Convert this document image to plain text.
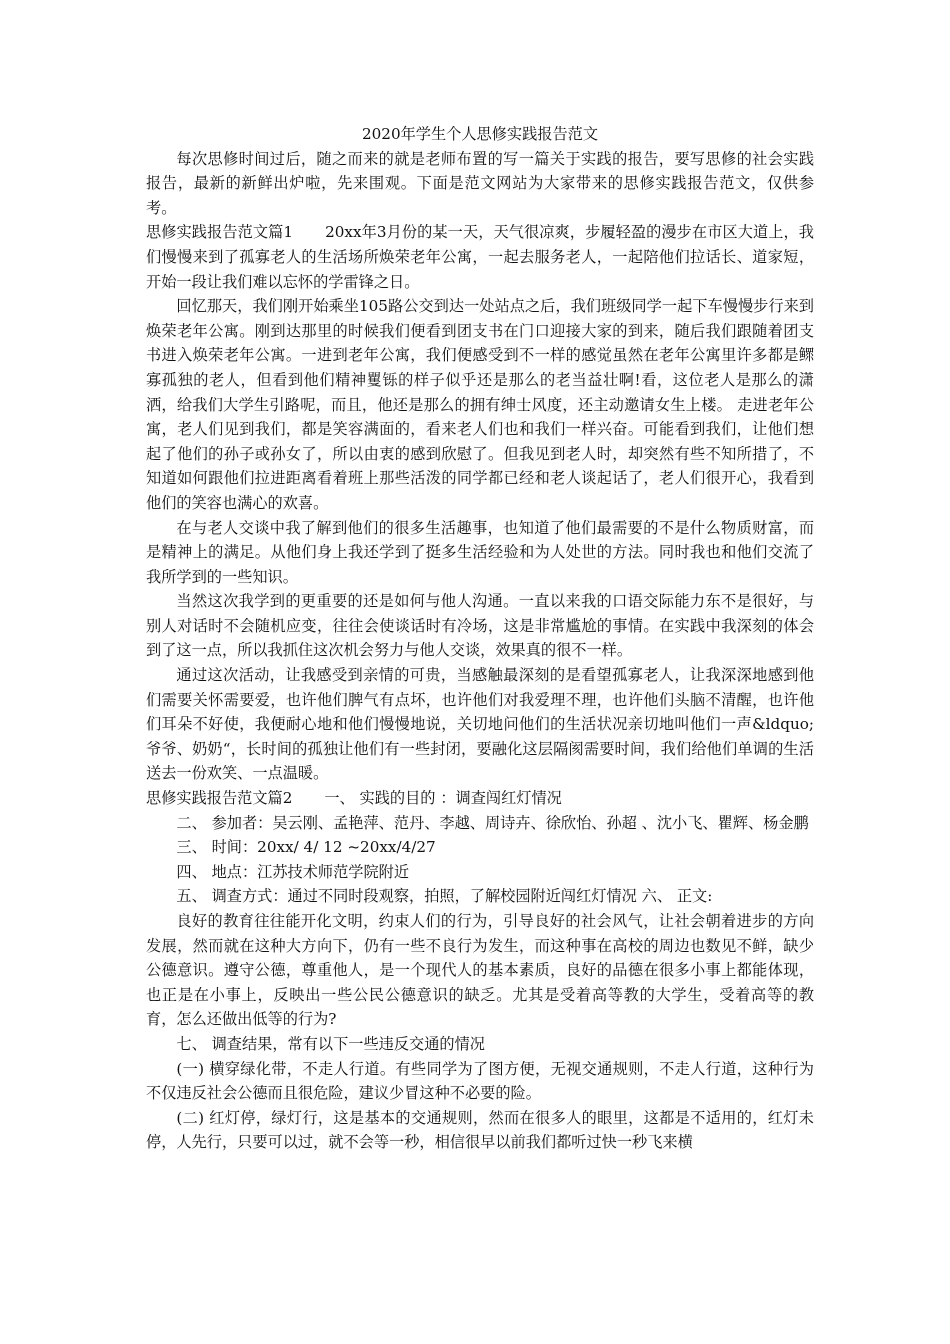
2020年学生个人思修实践报告范文

每次思修时间过后，随之而来的就是老师布置的写一篇关于实践的报告，要写思修的社会实践报告，最新的新鲜出炉啦，先来围观。下面是范文网站为大家带来的思修实践报告范文，仅供参考。

思修实践报告范文篇1 20xx年3月份的某一天，天气很凉爽，步履轻盈的漫步在市区大道上，我们慢慢来到了孤寡老人的生活场所焕荣老年公寓，一起去服务老人，一起陪他们拉话长、道家短，开始一段让我们难以忘怀的学雷锋之日。

回忆那天，我们刚开始乘坐105路公交到达一处站点之后，我们班级同学一起下车慢慢步行来到焕荣老年公寓。刚到达那里的时候我们便看到团支书在门口迎接大家的到来，随后我们跟随着团支书进入焕荣老年公寓。一进到老年公寓，我们便感受到不一样的感觉虽然在老年公寓里许多都是鳏寡孤独的老人，但看到他们精神矍铄的样子似乎还是那么的老当益壮啊!看，这位老人是那么的潇洒，给我们大学生引路呢，而且，他还是那么的拥有绅士风度，还主动邀请女生上楼。 走进老年公寓，老人们见到我们，都是笑容满面的，看来老人们也和我们一样兴奋。可能看到我们，让他们想起了他们的孙子或孙女了，所以由衷的感到欣慰了。但我见到老人时，却突然有些不知所措了，不知道如何跟他们拉进距离看着班上那些活泼的同学都已经和老人谈起话了，老人们很开心，我看到他们的笑容也满心的欢喜。

在与老人交谈中我了解到他们的很多生活趣事，也知道了他们最需要的不是什么物质财富，而是精神上的满足。从他们身上我还学到了挺多生活经验和为人处世的方法。同时我也和他们交流了我所学到的一些知识。

当然这次我学到的更重要的还是如何与他人沟通。一直以来我的口语交际能力东不是很好，与别人对话时不会随机应变，往往会使谈话时有冷场，这是非常尴尬的事情。在实践中我深刻的体会到了这一点，所以我抓住这次机会努力与他人交谈，效果真的很不一样。

通过这次活动，让我感受到亲情的可贵，当感触最深刻的是看望孤寡老人，让我深深地感到他们需要关怀需要爱，也许他们脾气有点坏，也许他们对我爱理不理，也许他们头脑不清醒，也许他们耳朵不好使，我便耐心地和他们慢慢地说，关切地问他们的生活状况亲切地叫他们一声&ldquo;爷爷、奶奶“，长时间的孤独让他们有一些封闭，要融化这层隔阂需要时间，我们给他们单调的生活送去一份欢笑、一点温暖。

思修实践报告范文篇2 一、 实践的目的 ：调查闯红灯情况

二、 参加者：吴云刚、孟艳萍、范丹、李越、周诗卉、徐欣怡、孙超 、沈小飞、瞿辉、杨金鹏

三、 时间：20xx/ 4/ 12 ~20xx/4/27

四、 地点：江苏技术师范学院附近

五、 调查方式：通过不同时段观察，拍照，了解校园附近闯红灯情况 六、 正文:

良好的教育往往能开化文明，约束人们的行为，引导良好的社会风气，让社会朝着进步的方向发展，然而就在这种大方向下，仍有一些不良行为发生，而这种事在高校的周边也数见不鲜，缺少公德意识。遵守公德，尊重他人，是一个现代人的基本素质，良好的品德在很多小事上都能体现，也正是在小事上，反映出一些公民公德意识的缺乏。尤其是受着高等教的大学生，受着高等的教育，怎么还做出低等的行为?

七、 调查结果，常有以下一些违反交通的情况

(一) 横穿绿化带，不走人行道。有些同学为了图方便，无视交通规则，不走人行道，这种行为不仅违反社会公德而且很危险，建议少冒这种不必要的险。

(二) 红灯停，绿灯行，这是基本的交通规则，然而在很多人的眼里，这都是不适用的，红灯未停，人先行，只要可以过，就不会等一秒，相信很早以前我们都听过快一秒飞来横
